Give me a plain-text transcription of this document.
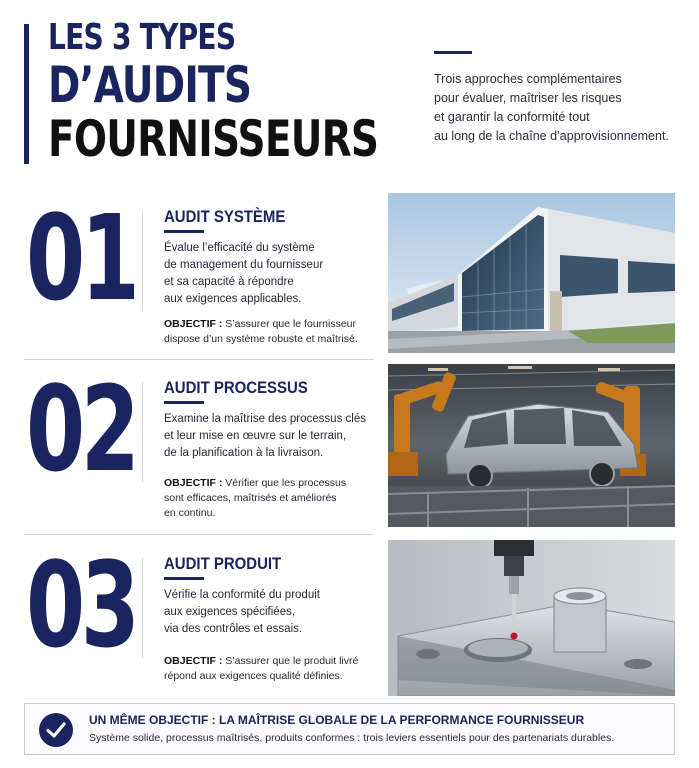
LES 3 TYPES
D’AUDITS
FOURNISSEURS

Trois approches complémentaires
pour évaluer, maîtriser les risques
et garantir la conformité tout
au long de la chaîne d’approvisionnement.

01 AUDIT SYSTÈME

Évalue l’efficacité du système
de management du fournisseur
et sa capacité à répondre
aux exigences applicables.

OBJECTIF : S’assurer que le fournisseur
dispose d’un système robuste et maîtrisé.

02 AUDIT PROCESSUS

Examine la maîtrise des processus clés
et leur mise en œuvre sur le terrain,
de la planification à la livraison.

OBJECTIF : Vérifier que les processus
sont efficaces, maîtrisés et améliorés
en continu.

03 AUDIT PRODUIT

Vérifie la conformité du produit
aux exigences spécifiées,
via des contrôles et essais.

OBJECTIF : S’assurer que le produit livré
répond aux exigences qualité définies.

UN MÊME OBJECTIF : LA MAÎTRISE GLOBALE DE LA PERFORMANCE FOURNISSEUR
Système solide, processus maîtrisés, produits conformes : trois leviers essentiels pour des partenariats durables.
